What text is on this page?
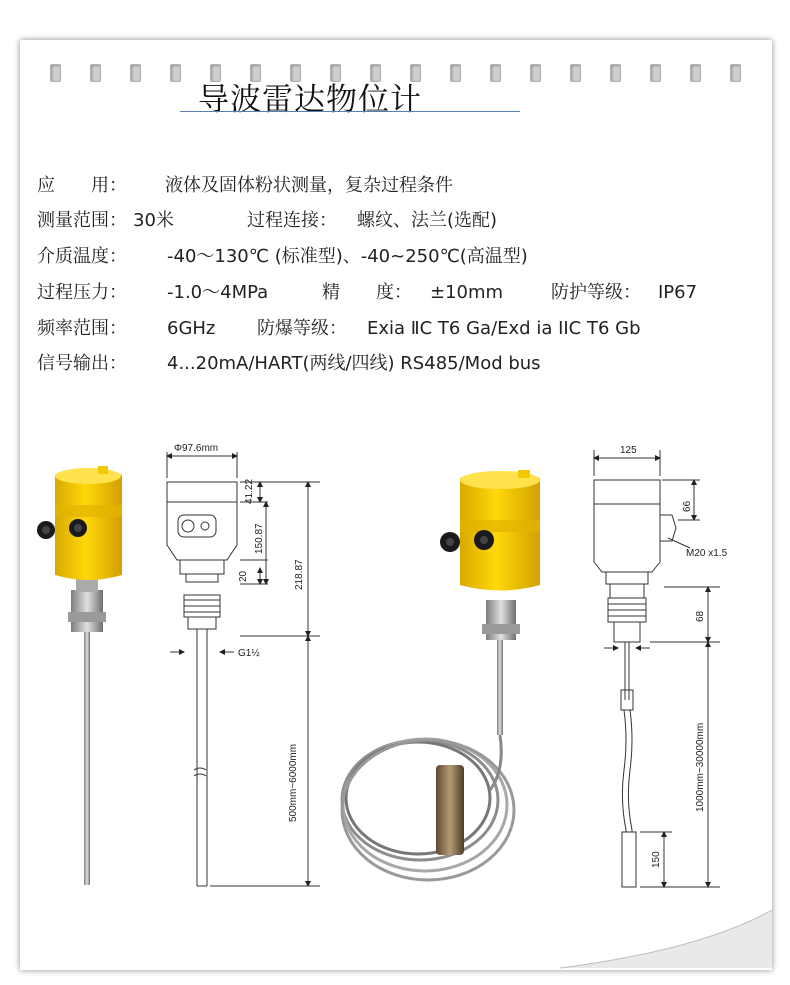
导波雷达物位计
应　　用： 液体及固体粉状测量，复杂过程条件
测量范围： 30米	过程连接： 螺纹、法兰(选配)
介质温度： -40～130℃ (标准型)、-40~250℃(高温型)
过程压力： -1.0～4MPa	精　　度： ±10mm	防护等级： IP67
频率范围： 6GHz 防爆等级： Exia ⅡC T6 Ga/Exd ia IIC T6 Gb
信号输出： 4...20mA/HART(两线/四线) RS485/Mod bus
Φ97.6mm
41.22
150.87
218.87
20
G1½
500mm~6000mm
125
66
M20 x1.5
68
1000mm~30000mm
150
